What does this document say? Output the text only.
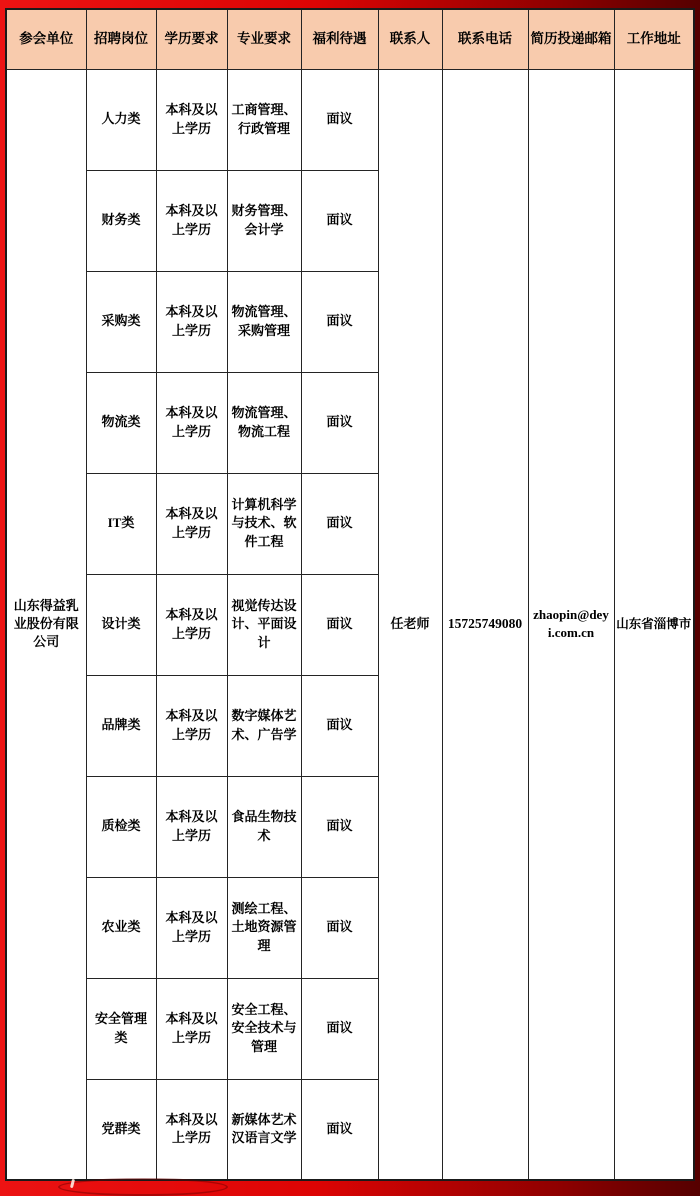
参会单位	招聘岗位	学历要求	专业要求	福利待遇	联系人	联系电话	简历投递邮箱	工作地址
山东得益乳业股份有限公司	人力类	本科及以上学历	工商管理、行政管理	面议	任老师	15725749080	zhaopin@deyi.com.cn	山东省淄博市
	财务类	本科及以上学历	财务管理、会计学	面议				
	采购类	本科及以上学历	物流管理、采购管理	面议				
	物流类	本科及以上学历	物流管理、物流工程	面议				
	IT类	本科及以上学历	计算机科学与技术、软件工程	面议				
	设计类	本科及以上学历	视觉传达设计、平面设计	面议				
	品牌类	本科及以上学历	数字媒体艺术、广告学	面议				
	质检类	本科及以上学历	食品生物技术	面议				
	农业类	本科及以上学历	测绘工程、土地资源管理	面议				
	安全管理类	本科及以上学历	安全工程、安全技术与管理	面议				
	党群类	本科及以上学历	新媒体艺术汉语言文学	面议				
